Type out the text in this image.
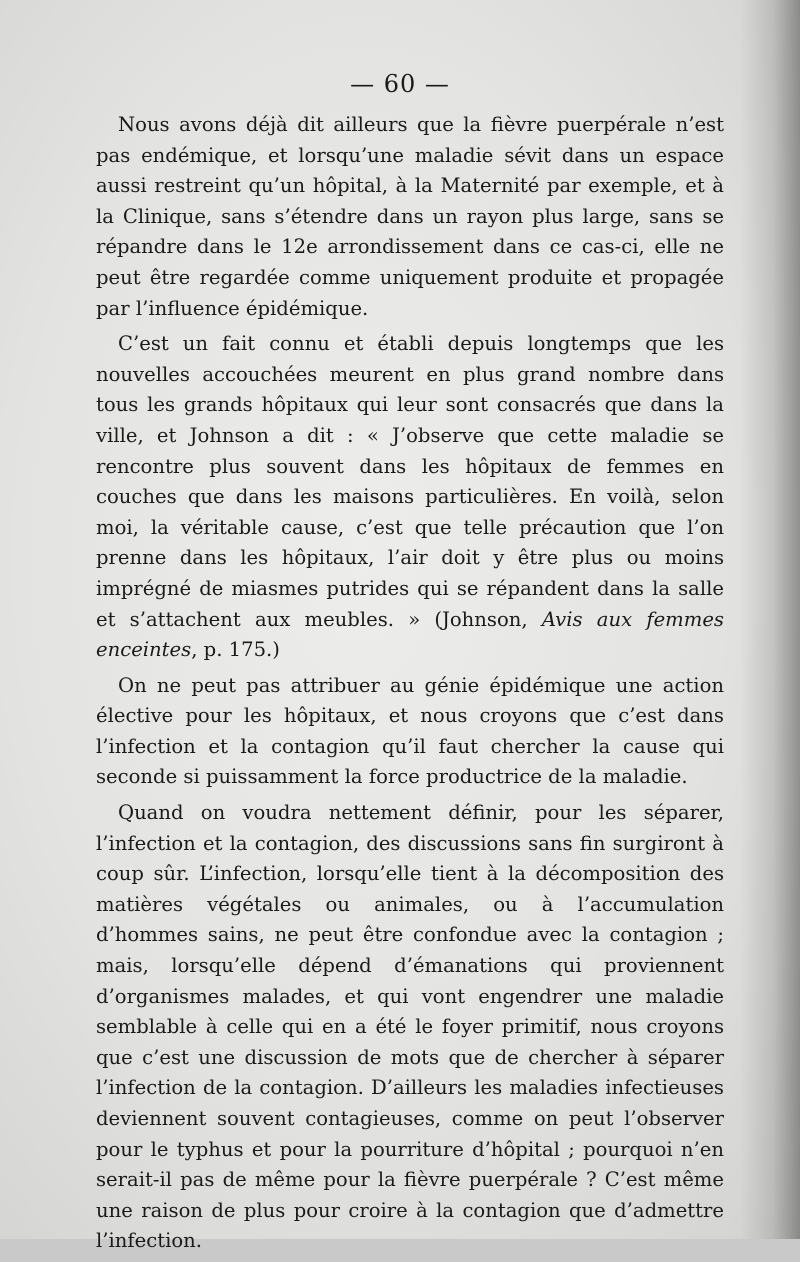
— 60 —

Nous avons déjà dit ailleurs que la fièvre puerpérale n’est pas endémique, et lorsqu’une maladie sévit dans un espace aussi restreint qu’un hôpital, à la Maternité par exemple, et à la Clinique, sans s’étendre dans un rayon plus large, sans se répandre dans le 12e arrondissement dans ce cas-ci, elle ne peut être regardée comme uniquement produite et propagée par l’influence épidémique.

C’est un fait connu et établi depuis longtemps que les nouvelles accouchées meurent en plus grand nombre dans tous les grands hôpitaux qui leur sont consacrés que dans la ville, et Johnson a dit : « J’observe que cette maladie se rencontre plus souvent dans les hôpitaux de femmes en couches que dans les maisons particulières. En voilà, selon moi, la véritable cause, c’est que telle précaution que l’on prenne dans les hôpitaux, l’air doit y être plus ou moins imprégné de miasmes putrides qui se répandent dans la salle et s’attachent aux meubles. » (Johnson, Avis aux femmes enceintes, p. 175.)

On ne peut pas attribuer au génie épidémique une action élective pour les hôpitaux, et nous croyons que c’est dans l’infection et la contagion qu’il faut chercher la cause qui seconde si puissamment la force productrice de la maladie.

Quand on voudra nettement définir, pour les séparer, l’infection et la contagion, des discussions sans fin surgiront à coup sûr. L’infection, lorsqu’elle tient à la décomposition des matières végétales ou animales, ou à l’accumulation d’hommes sains, ne peut être confondue avec la contagion ; mais, lorsqu’elle dépend d’émanations qui proviennent d’organismes malades, et qui vont engendrer une maladie semblable à celle qui en a été le foyer primitif, nous croyons que c’est une discussion de mots que de chercher à séparer l’infection de la contagion. D’ailleurs les maladies infectieuses deviennent souvent contagieuses, comme on peut l’observer pour le typhus et pour la pourriture d’hôpital ; pourquoi n’en serait-il pas de même pour la fièvre puerpérale ? C’est même une raison de plus pour croire à la contagion que d’admettre l’infection.
